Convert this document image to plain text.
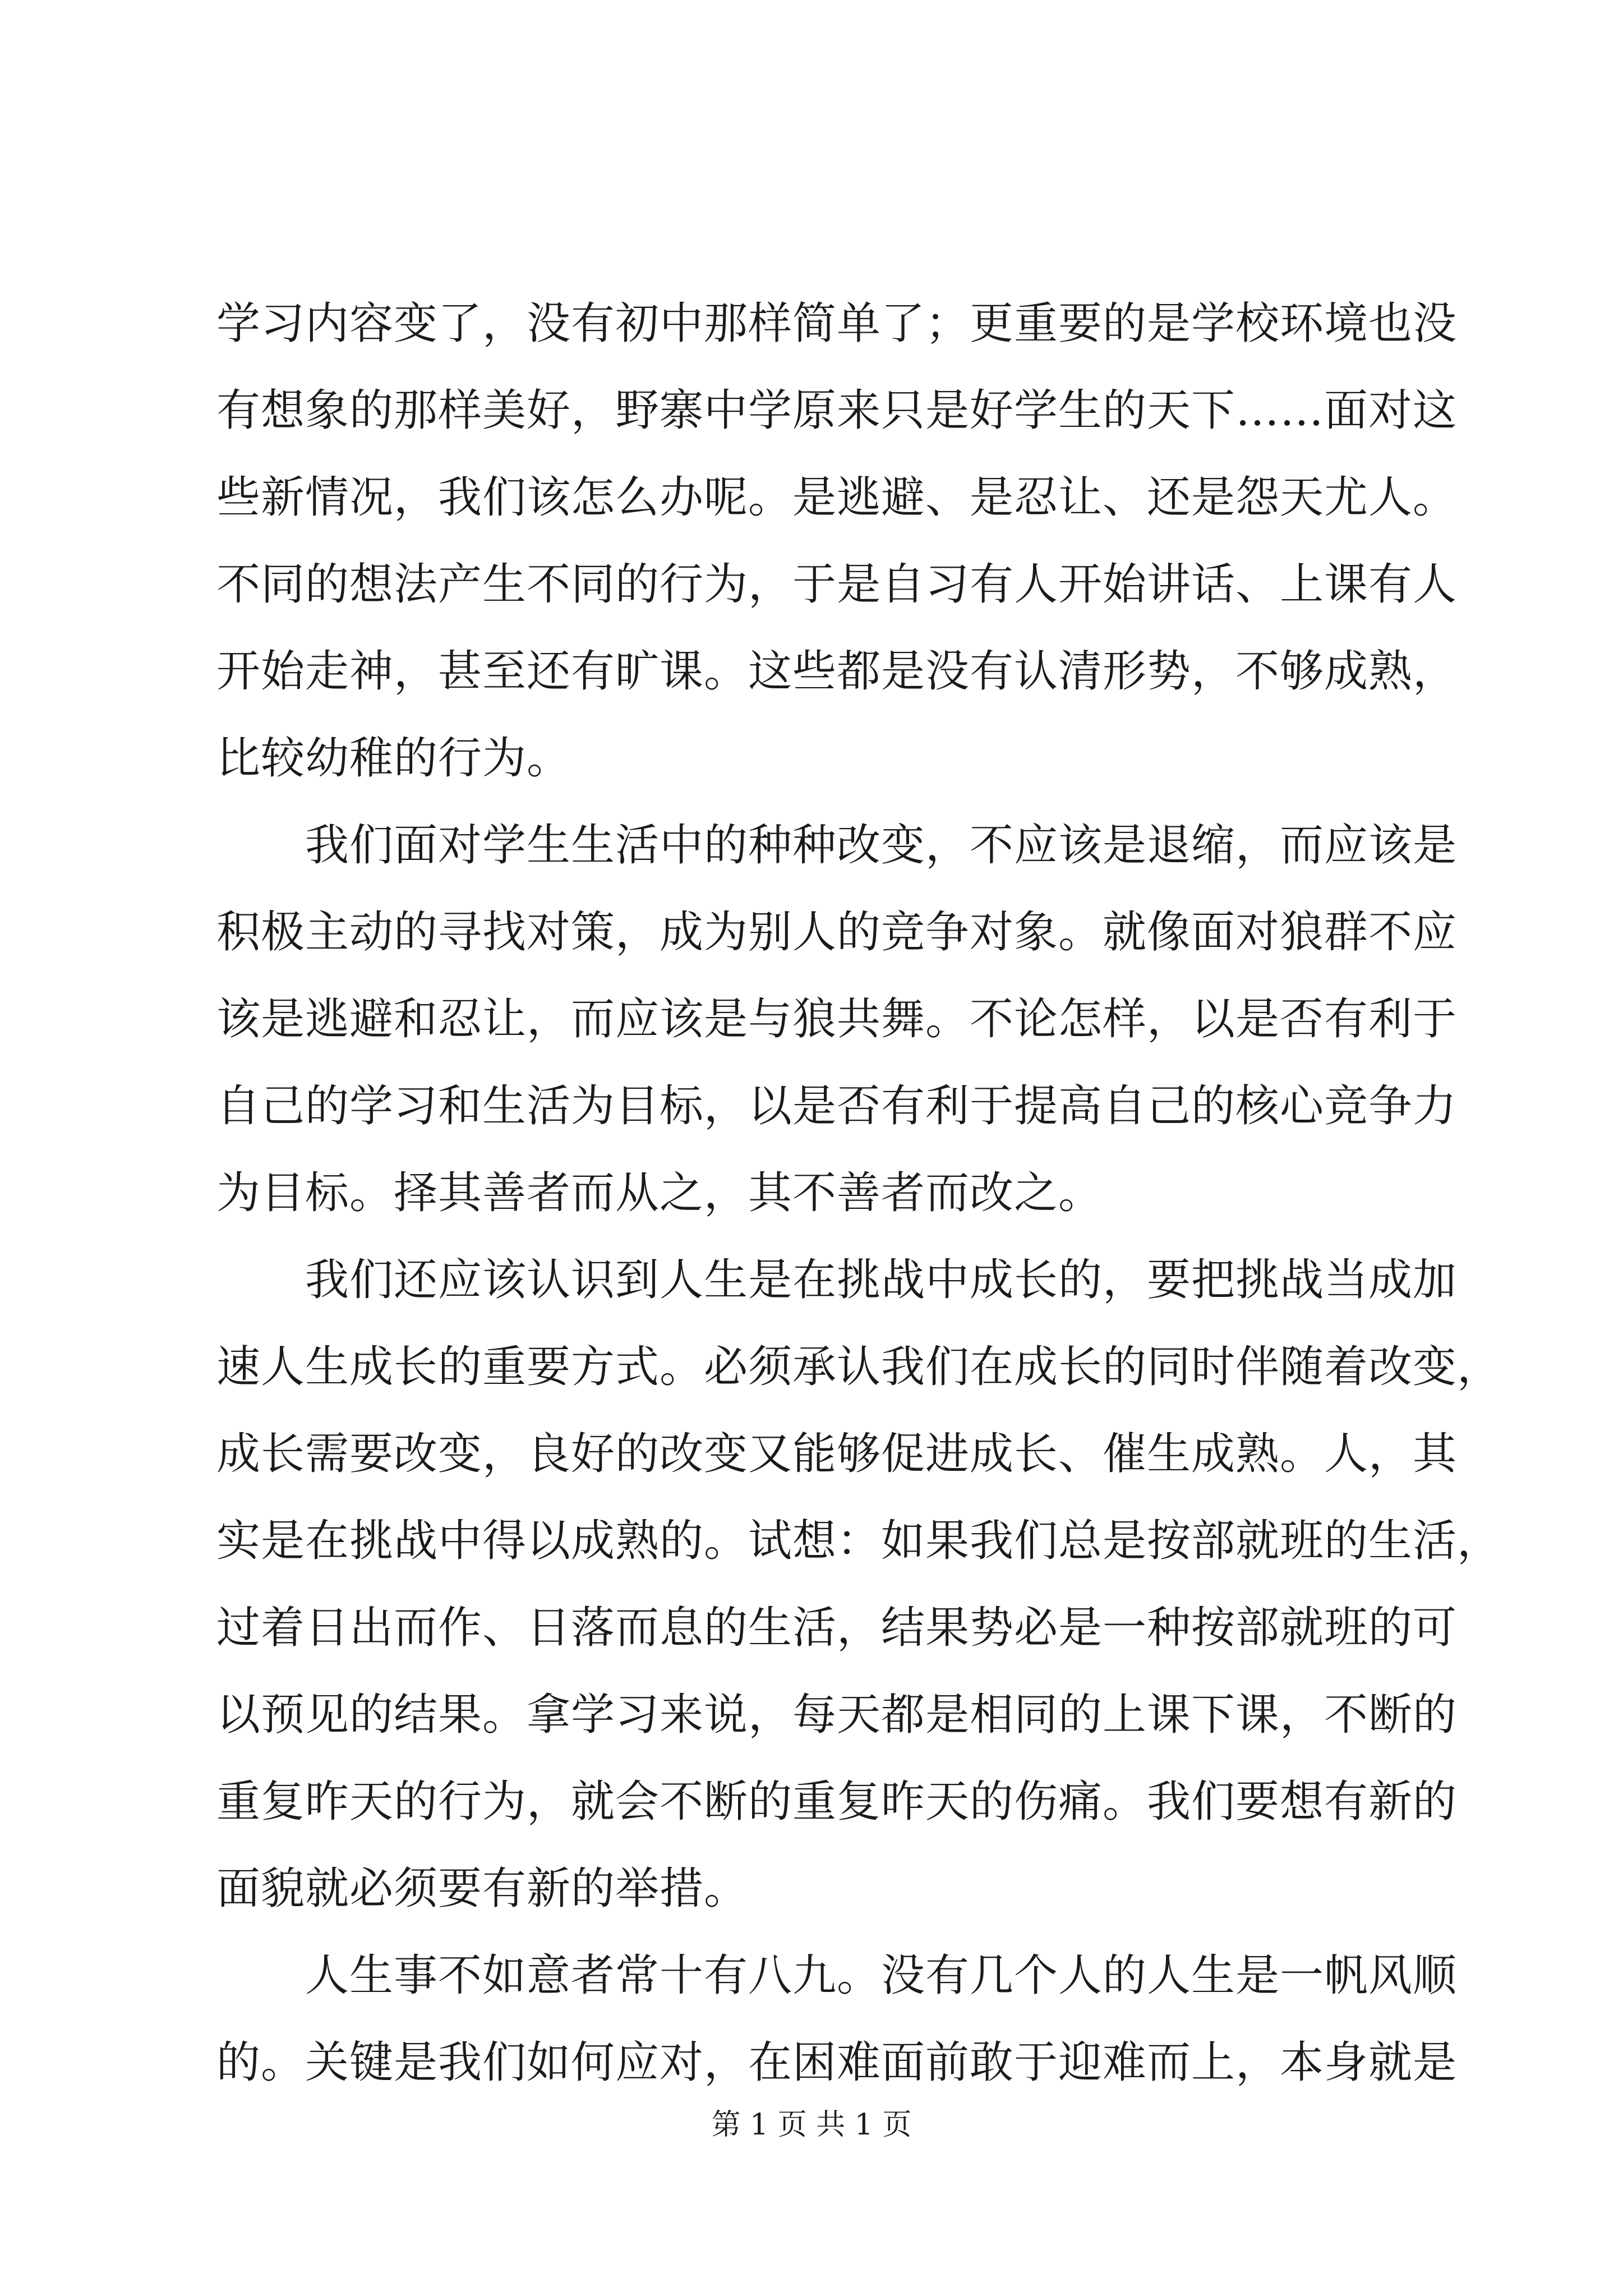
学习内容变了，没有初中那样简单了；更重要的是学校环境也没
有想象的那样美好，野寨中学原来只是好学生的天下……面对这
些新情况，我们该怎么办呢。是逃避、是忍让、还是怨天尤人。
不同的想法产生不同的行为，于是自习有人开始讲话、上课有人
开始走神，甚至还有旷课。这些都是没有认清形势，不够成熟，
比较幼稚的行为。
　　我们面对学生生活中的种种改变，不应该是退缩，而应该是
积极主动的寻找对策，成为别人的竞争对象。就像面对狼群不应
该是逃避和忍让，而应该是与狼共舞。不论怎样，以是否有利于
自己的学习和生活为目标，以是否有利于提高自己的核心竞争力
为目标。择其善者而从之，其不善者而改之。
　　我们还应该认识到人生是在挑战中成长的，要把挑战当成加
速人生成长的重要方式。必须承认我们在成长的同时伴随着改变，
成长需要改变，良好的改变又能够促进成长、催生成熟。人，其
实是在挑战中得以成熟的。试想：如果我们总是按部就班的生活，
过着日出而作、日落而息的生活，结果势必是一种按部就班的可
以预见的结果。拿学习来说，每天都是相同的上课下课，不断的
重复昨天的行为，就会不断的重复昨天的伤痛。我们要想有新的
面貌就必须要有新的举措。
　　人生事不如意者常十有八九。没有几个人的人生是一帆风顺
的。关键是我们如何应对，在困难面前敢于迎难而上，本身就是
第 1 页 共 1 页
